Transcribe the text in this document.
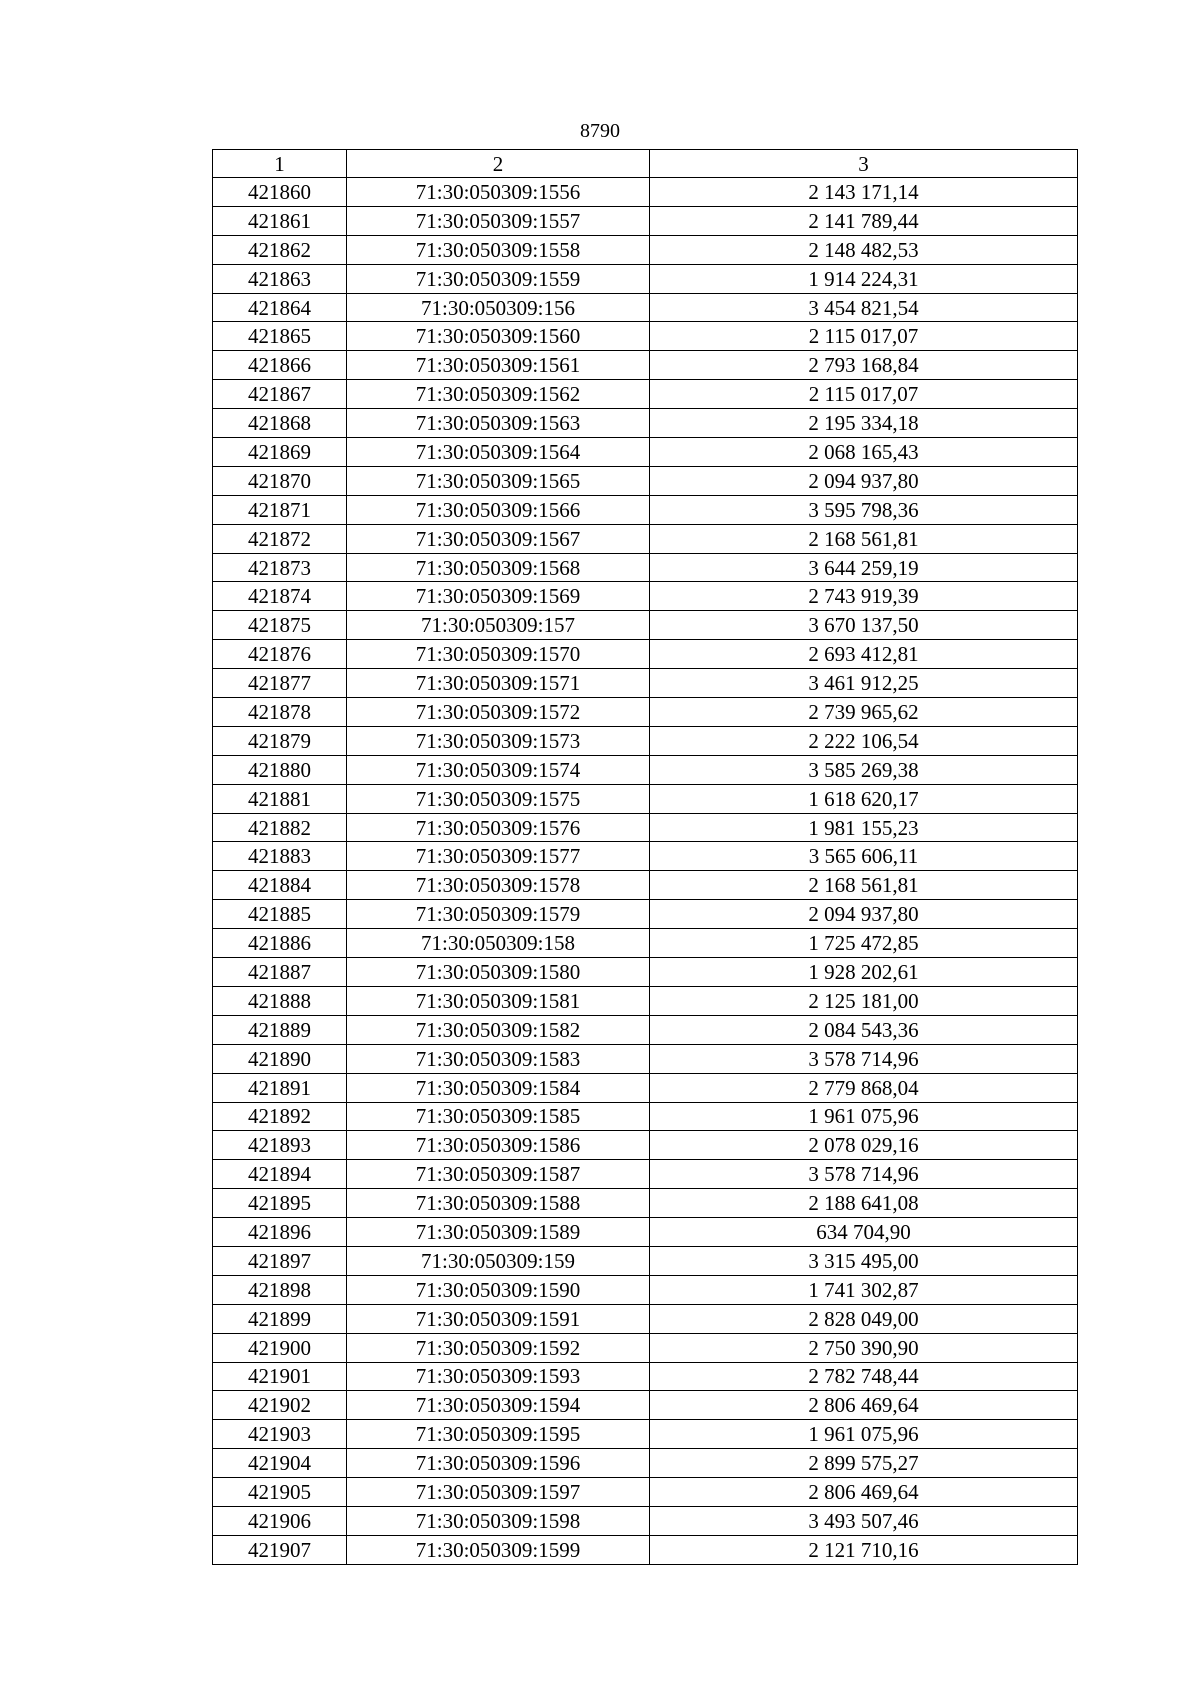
8790
1	2	3
421860	71:30:050309:1556	2 143 171,14
421861	71:30:050309:1557	2 141 789,44
421862	71:30:050309:1558	2 148 482,53
421863	71:30:050309:1559	1 914 224,31
421864	71:30:050309:156	3 454 821,54
421865	71:30:050309:1560	2 115 017,07
421866	71:30:050309:1561	2 793 168,84
421867	71:30:050309:1562	2 115 017,07
421868	71:30:050309:1563	2 195 334,18
421869	71:30:050309:1564	2 068 165,43
421870	71:30:050309:1565	2 094 937,80
421871	71:30:050309:1566	3 595 798,36
421872	71:30:050309:1567	2 168 561,81
421873	71:30:050309:1568	3 644 259,19
421874	71:30:050309:1569	2 743 919,39
421875	71:30:050309:157	3 670 137,50
421876	71:30:050309:1570	2 693 412,81
421877	71:30:050309:1571	3 461 912,25
421878	71:30:050309:1572	2 739 965,62
421879	71:30:050309:1573	2 222 106,54
421880	71:30:050309:1574	3 585 269,38
421881	71:30:050309:1575	1 618 620,17
421882	71:30:050309:1576	1 981 155,23
421883	71:30:050309:1577	3 565 606,11
421884	71:30:050309:1578	2 168 561,81
421885	71:30:050309:1579	2 094 937,80
421886	71:30:050309:158	1 725 472,85
421887	71:30:050309:1580	1 928 202,61
421888	71:30:050309:1581	2 125 181,00
421889	71:30:050309:1582	2 084 543,36
421890	71:30:050309:1583	3 578 714,96
421891	71:30:050309:1584	2 779 868,04
421892	71:30:050309:1585	1 961 075,96
421893	71:30:050309:1586	2 078 029,16
421894	71:30:050309:1587	3 578 714,96
421895	71:30:050309:1588	2 188 641,08
421896	71:30:050309:1589	634 704,90
421897	71:30:050309:159	3 315 495,00
421898	71:30:050309:1590	1 741 302,87
421899	71:30:050309:1591	2 828 049,00
421900	71:30:050309:1592	2 750 390,90
421901	71:30:050309:1593	2 782 748,44
421902	71:30:050309:1594	2 806 469,64
421903	71:30:050309:1595	1 961 075,96
421904	71:30:050309:1596	2 899 575,27
421905	71:30:050309:1597	2 806 469,64
421906	71:30:050309:1598	3 493 507,46
421907	71:30:050309:1599	2 121 710,16
